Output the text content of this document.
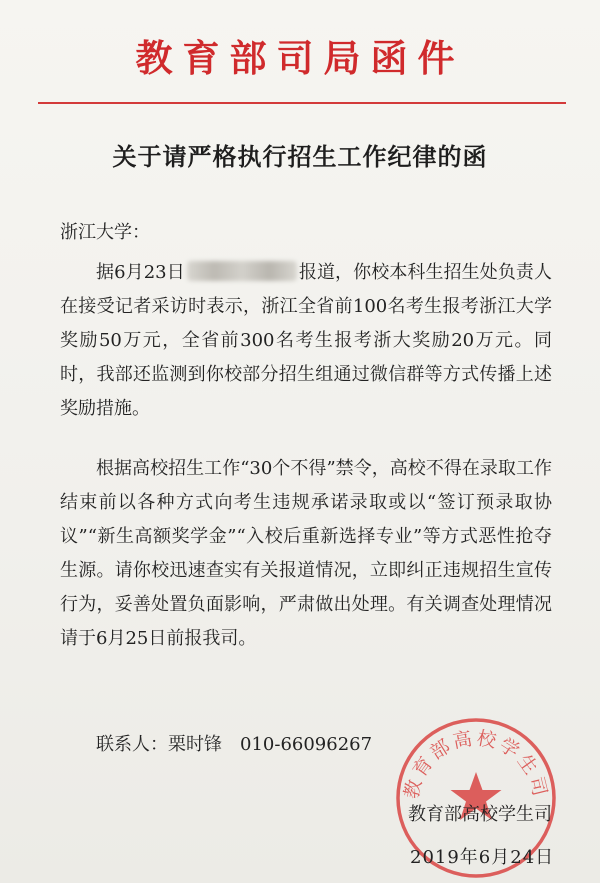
教育部司局函件
关于请严格执行招生工作纪律的函
浙江大学：
据6月23日	报道，你校本科生招生处负责人在接受记者采访时表示，浙江全省前100名考生报考浙江大学奖励50万元，全省前300名考生报考浙大奖励20万元。同时，我部还监测到你校部分招生组通过微信群等方式传播上述奖励措施。
根据高校招生工作“30个不得”禁令，高校不得在录取工作结束前以各种方式向考生违规承诺录取或以“签订预录取协议”“新生高额奖学金”“入校后重新选择专业”等方式恶性抢夺生源。请你校迅速查实有关报道情况，立即纠正违规招生宣传行为，妥善处置负面影响，严肃做出处理。有关调查处理情况请于6月25日前报我司。
联系人：栗时锋 010-66096267
教育部高校学生司
教育部高校学生司
2019年6月24日
